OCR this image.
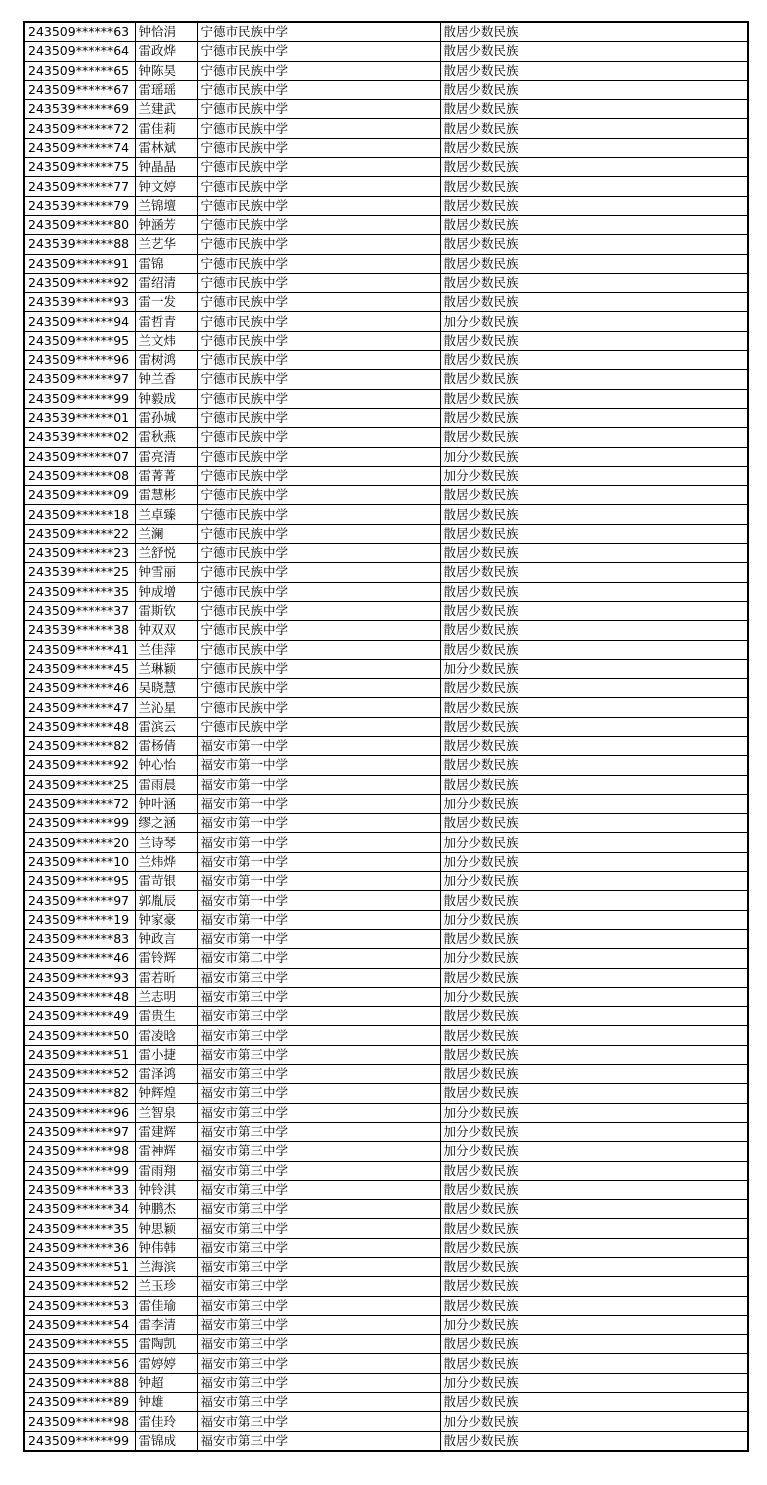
243509******63	钟恰涓	宁德市民族中学	散居少数民族
243509******64	雷政烨	宁德市民族中学	散居少数民族
243509******65	钟陈昊	宁德市民族中学	散居少数民族
243509******67	雷瑶瑶	宁德市民族中学	散居少数民族
243539******69	兰建武	宁德市民族中学	散居少数民族
243509******72	雷佳莉	宁德市民族中学	散居少数民族
243509******74	雷林斌	宁德市民族中学	散居少数民族
243509******75	钟晶晶	宁德市民族中学	散居少数民族
243509******77	钟文婷	宁德市民族中学	散居少数民族
243539******79	兰锦壇	宁德市民族中学	散居少数民族
243509******80	钟涵芳	宁德市民族中学	散居少数民族
243539******88	兰艺华	宁德市民族中学	散居少数民族
243509******91	雷锦	宁德市民族中学	散居少数民族
243509******92	雷绍清	宁德市民族中学	散居少数民族
243539******93	雷一发	宁德市民族中学	散居少数民族
243509******94	雷哲青	宁德市民族中学	加分少数民族
243509******95	兰文炜	宁德市民族中学	散居少数民族
243509******96	雷树鸿	宁德市民族中学	散居少数民族
243509******97	钟兰香	宁德市民族中学	散居少数民族
243509******99	钟毅成	宁德市民族中学	散居少数民族
243539******01	雷孙城	宁德市民族中学	散居少数民族
243539******02	雷秋燕	宁德市民族中学	散居少数民族
243509******07	雷亮清	宁德市民族中学	加分少数民族
243509******08	雷菁菁	宁德市民族中学	加分少数民族
243509******09	雷慧彬	宁德市民族中学	散居少数民族
243509******18	兰卓臻	宁德市民族中学	散居少数民族
243509******22	兰澜	宁德市民族中学	散居少数民族
243509******23	兰舒悦	宁德市民族中学	散居少数民族
243539******25	钟雪丽	宁德市民族中学	散居少数民族
243509******35	钟成增	宁德市民族中学	散居少数民族
243509******37	雷斯钦	宁德市民族中学	散居少数民族
243539******38	钟双双	宁德市民族中学	散居少数民族
243509******41	兰佳萍	宁德市民族中学	散居少数民族
243509******45	兰琳颖	宁德市民族中学	加分少数民族
243509******46	吴晓慧	宁德市民族中学	散居少数民族
243509******47	兰沁星	宁德市民族中学	散居少数民族
243509******48	雷滨云	宁德市民族中学	散居少数民族
243509******82	雷杨倩	福安市第一中学	散居少数民族
243509******92	钟心怡	福安市第一中学	散居少数民族
243509******25	雷雨晨	福安市第一中学	散居少数民族
243509******72	钟叶涵	福安市第一中学	加分少数民族
243509******99	缪之涵	福安市第一中学	散居少数民族
243509******20	兰诗琴	福安市第一中学	加分少数民族
243509******10	兰炜烨	福安市第一中学	加分少数民族
243509******95	雷苛银	福安市第一中学	加分少数民族
243509******97	郭胤辰	福安市第一中学	散居少数民族
243509******19	钟家豪	福安市第一中学	加分少数民族
243509******83	钟政言	福安市第一中学	散居少数民族
243509******46	雷铃辉	福安市第二中学	加分少数民族
243509******93	雷若昕	福安市第三中学	散居少数民族
243509******48	兰志明	福安市第三中学	加分少数民族
243509******49	雷贵生	福安市第三中学	散居少数民族
243509******50	雷凌晗	福安市第三中学	散居少数民族
243509******51	雷小捷	福安市第三中学	散居少数民族
243509******52	雷泽鸿	福安市第三中学	散居少数民族
243509******82	钟辉煌	福安市第三中学	散居少数民族
243509******96	兰智泉	福安市第三中学	加分少数民族
243509******97	雷建辉	福安市第三中学	加分少数民族
243509******98	雷神辉	福安市第三中学	加分少数民族
243509******99	雷雨翔	福安市第三中学	散居少数民族
243509******33	钟铃淇	福安市第三中学	散居少数民族
243509******34	钟鹏杰	福安市第三中学	散居少数民族
243509******35	钟思颖	福安市第三中学	散居少数民族
243509******36	钟伟韩	福安市第三中学	散居少数民族
243509******51	兰海滨	福安市第三中学	散居少数民族
243509******52	兰玉珍	福安市第三中学	散居少数民族
243509******53	雷佳瑜	福安市第三中学	散居少数民族
243509******54	雷李清	福安市第三中学	加分少数民族
243509******55	雷陶凯	福安市第三中学	散居少数民族
243509******56	雷婷婷	福安市第三中学	散居少数民族
243509******88	钟超	福安市第三中学	加分少数民族
243509******89	钟雄	福安市第三中学	散居少数民族
243509******98	雷佳玲	福安市第三中学	加分少数民族
243509******99	雷锦成	福安市第三中学	散居少数民族
